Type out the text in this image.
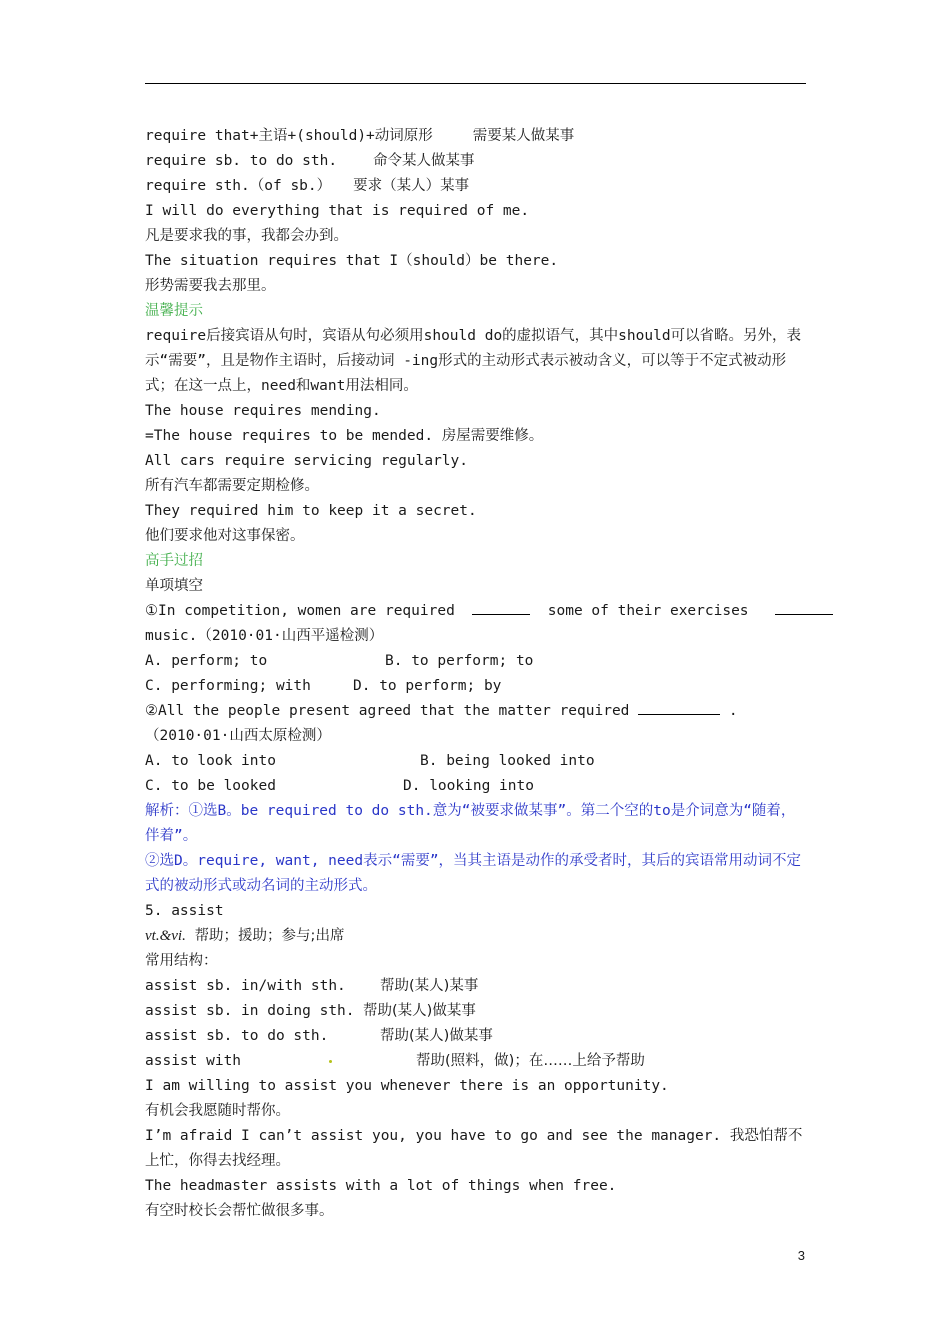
require that+主语+(should)+动词原形	需要某人做某事
require sb. to do sth. 命令某人做某事
require sth.（of sb.） 要求（某人）某事
I will do everything that is required of me.
凡是要求我的事，我都会办到。
The situation requires that I（should）be there.
形势需要我去那里。
温馨提示
require后接宾语从句时，宾语从句必须用should do的虚拟语气，其中should可以省略。另外，表示“需要”，且是物作主语时，后接动词 -ing形式的主动形式表示被动含义，可以等于不定式被动形式；在这一点上，need和want用法相同。
The house requires mending.
=The house requires to be mended. 房屋需要维修。
All cars require servicing regularly.
所有汽车都需要定期检修。
They required him to keep it a secret.
他们要求他对这事保密。
高手过招
单项填空
①In competition, women are required	some of their exercises
music.（2010·01·山西平遥检测）
A. perform; to	B. to perform; to
C. performing; with	D. to perform; by
②All the people present agreed that the matter required	.
（2010·01·山西太原检测）
A. to look into	B. being looked into
C. to be looked	D. looking into
解析：①选B。be required to do sth.意为“被要求做某事”。第二个空的to是介词意为“随着，伴着”。
②选D。require, want, need表示“需要”，当其主语是动作的承受者时，其后的宾语常用动词不定式的被动形式或动名词的主动形式。
5. assist
vt.&vi. 帮助；援助；参与;出席
常用结构：
assist sb. in/with sth.	帮助(某人)某事
assist sb. in doing sth. 帮助(某人)做某事
assist sb. to do sth.	帮助(某人)做某事
assist with	帮助(照料，做)；在……上给予帮助
I am willing to assist you whenever there is an opportunity.
有机会我愿随时帮你。
I’m afraid I can’t assist you, you have to go and see the manager. 我恐怕帮不上忙，你得去找经理。
The headmaster assists with a lot of things when free.
有空时校长会帮忙做很多事。
3
